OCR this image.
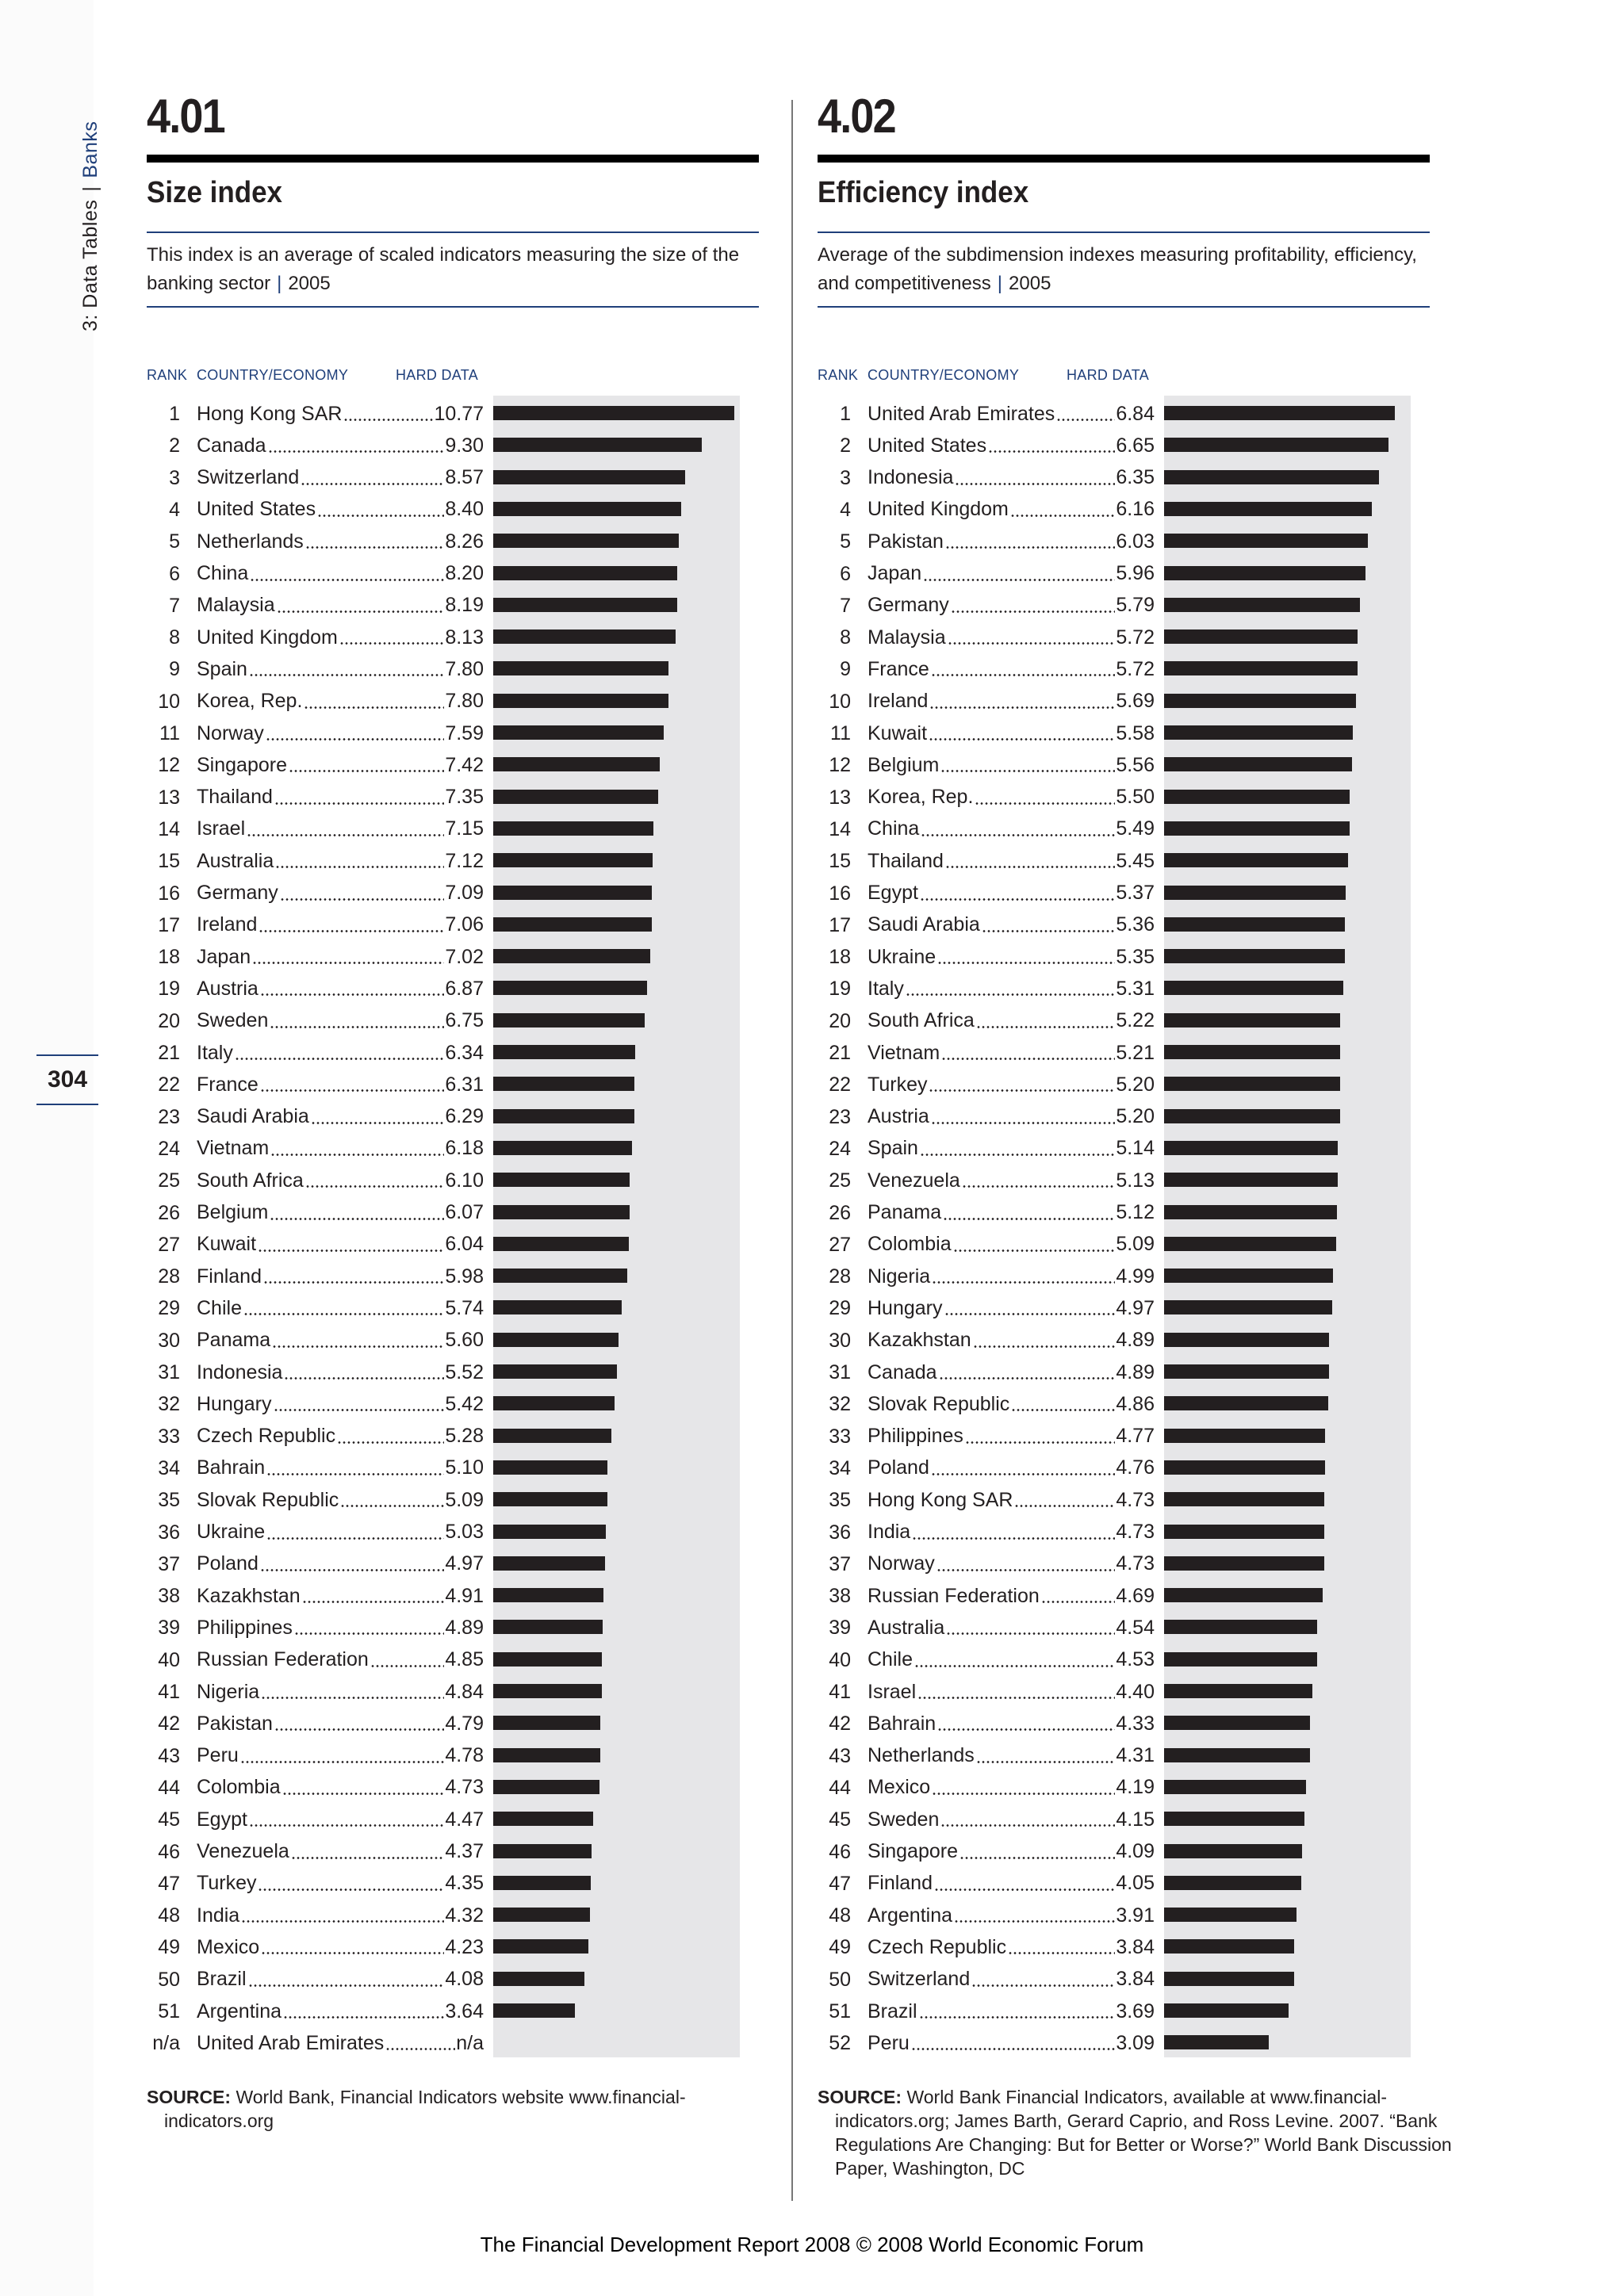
3: Data Tables|Banks
304
4.01
Size index
This index is an average of scaled indicators measuring the size of the banking sector | 2005
RANK COUNTRY/ECONOMY	HARD DATA
1 Hong Kong SAR	10.77
2 Canada	9.30
3 Switzerland	8.57
4 United States	8.40
5 Netherlands	8.26
6 China	8.20
7 Malaysia	8.19
8 United Kingdom	8.13
9 Spain	7.80
10 Korea, Rep.	7.80
11 Norway	7.59
12 Singapore	7.42
13 Thailand	7.35
14 Israel	7.15
15 Australia	7.12
16 Germany	7.09
17 Ireland	7.06
18 Japan	7.02
19 Austria	6.87
20 Sweden	6.75
21 Italy	6.34
22 France	6.31
23 Saudi Arabia	6.29
24 Vietnam	6.18
25 South Africa	6.10
26 Belgium	6.07
27 Kuwait	6.04
28 Finland	5.98
29 Chile	5.74
30 Panama	5.60
31 Indonesia	5.52
32 Hungary	5.42
33 Czech Republic	5.28
34 Bahrain	5.10
35 Slovak Republic	5.09
36 Ukraine	5.03
37 Poland	4.97
38 Kazakhstan	4.91
39 Philippines	4.89
40 Russian Federation	4.85
41 Nigeria	4.84
42 Pakistan	4.79
43 Peru	4.78
44 Colombia	4.73
45 Egypt	4.47
46 Venezuela	4.37
47 Turkey	4.35
48 India	4.32
49 Mexico	4.23
50 Brazil	4.08
51 Argentina	3.64
n/a United Arab Emirates	n/a
SOURCE: World Bank, Financial Indicators website www.financial-indicators.org
4.02
Efficiency index
Average of the subdimension indexes measuring profitability, efficiency, and competitiveness | 2005
RANK COUNTRY/ECONOMY	HARD DATA
1 United Arab Emirates	6.84
2 United States	6.65
3 Indonesia	6.35
4 United Kingdom	6.16
5 Pakistan	6.03
6 Japan	5.96
7 Germany	5.79
8 Malaysia	5.72
9 France	5.72
10 Ireland	5.69
11 Kuwait	5.58
12 Belgium	5.56
13 Korea, Rep.	5.50
14 China	5.49
15 Thailand	5.45
16 Egypt	5.37
17 Saudi Arabia	5.36
18 Ukraine	5.35
19 Italy	5.31
20 South Africa	5.22
21 Vietnam	5.21
22 Turkey	5.20
23 Austria	5.20
24 Spain	5.14
25 Venezuela	5.13
26 Panama	5.12
27 Colombia	5.09
28 Nigeria	4.99
29 Hungary	4.97
30 Kazakhstan	4.89
31 Canada	4.89
32 Slovak Republic	4.86
33 Philippines	4.77
34 Poland	4.76
35 Hong Kong SAR	4.73
36 India	4.73
37 Norway	4.73
38 Russian Federation	4.69
39 Australia	4.54
40 Chile	4.53
41 Israel	4.40
42 Bahrain	4.33
43 Netherlands	4.31
44 Mexico	4.19
45 Sweden	4.15
46 Singapore	4.09
47 Finland	4.05
48 Argentina	3.91
49 Czech Republic	3.84
50 Switzerland	3.84
51 Brazil	3.69
52 Peru	3.09
SOURCE: World Bank Financial Indicators, available at www.financial-indicators.org; James Barth, Gerard Caprio, and Ross Levine. 2007. “Bank Regulations Are Changing: But for Better or Worse?” World Bank Discussion Paper, Washington, DC
The Financial Development Report 2008 © 2008 World Economic Forum
